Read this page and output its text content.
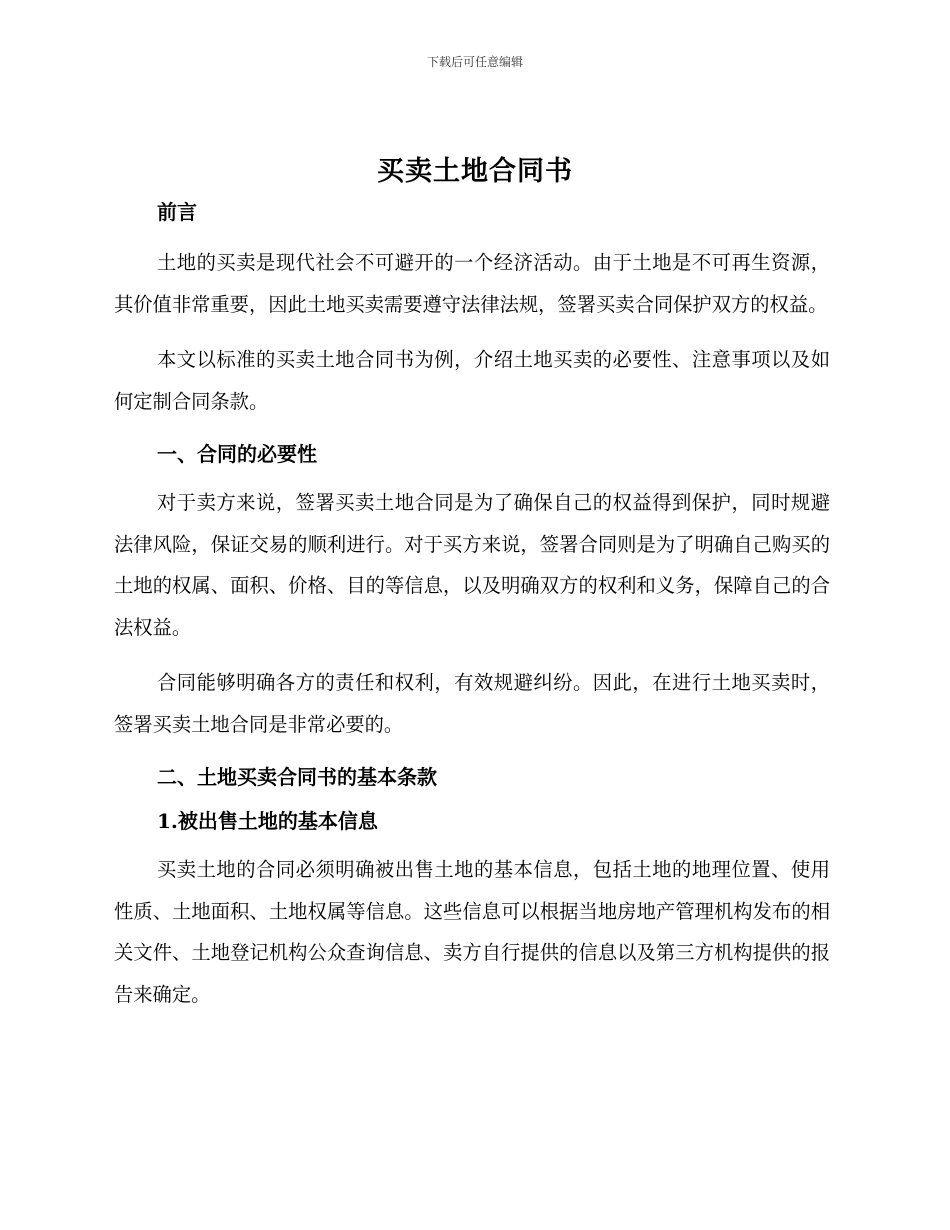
下载后可任意编辑
买卖土地合同书

前言

土地的买卖是现代社会不可避开的一个经济活动。由于土地是不可再生资源，其价值非常重要，因此土地买卖需要遵守法律法规，签署买卖合同保护双方的权益。

本文以标准的买卖土地合同书为例，介绍土地买卖的必要性、注意事项以及如何定制合同条款。

一、合同的必要性

对于卖方来说，签署买卖土地合同是为了确保自己的权益得到保护，同时规避法律风险，保证交易的顺利进行。对于买方来说，签署合同则是为了明确自己购买的土地的权属、面积、价格、目的等信息，以及明确双方的权利和义务，保障自己的合法权益。

合同能够明确各方的责任和权利，有效规避纠纷。因此，在进行土地买卖时，签署买卖土地合同是非常必要的。

二、土地买卖合同书的基本条款

1.被出售土地的基本信息

买卖土地的合同必须明确被出售土地的基本信息，包括土地的地理位置、使用性质、土地面积、土地权属等信息。这些信息可以根据当地房地产管理机构发布的相关文件、土地登记机构公众查询信息、卖方自行提供的信息以及第三方机构提供的报告来确定。
